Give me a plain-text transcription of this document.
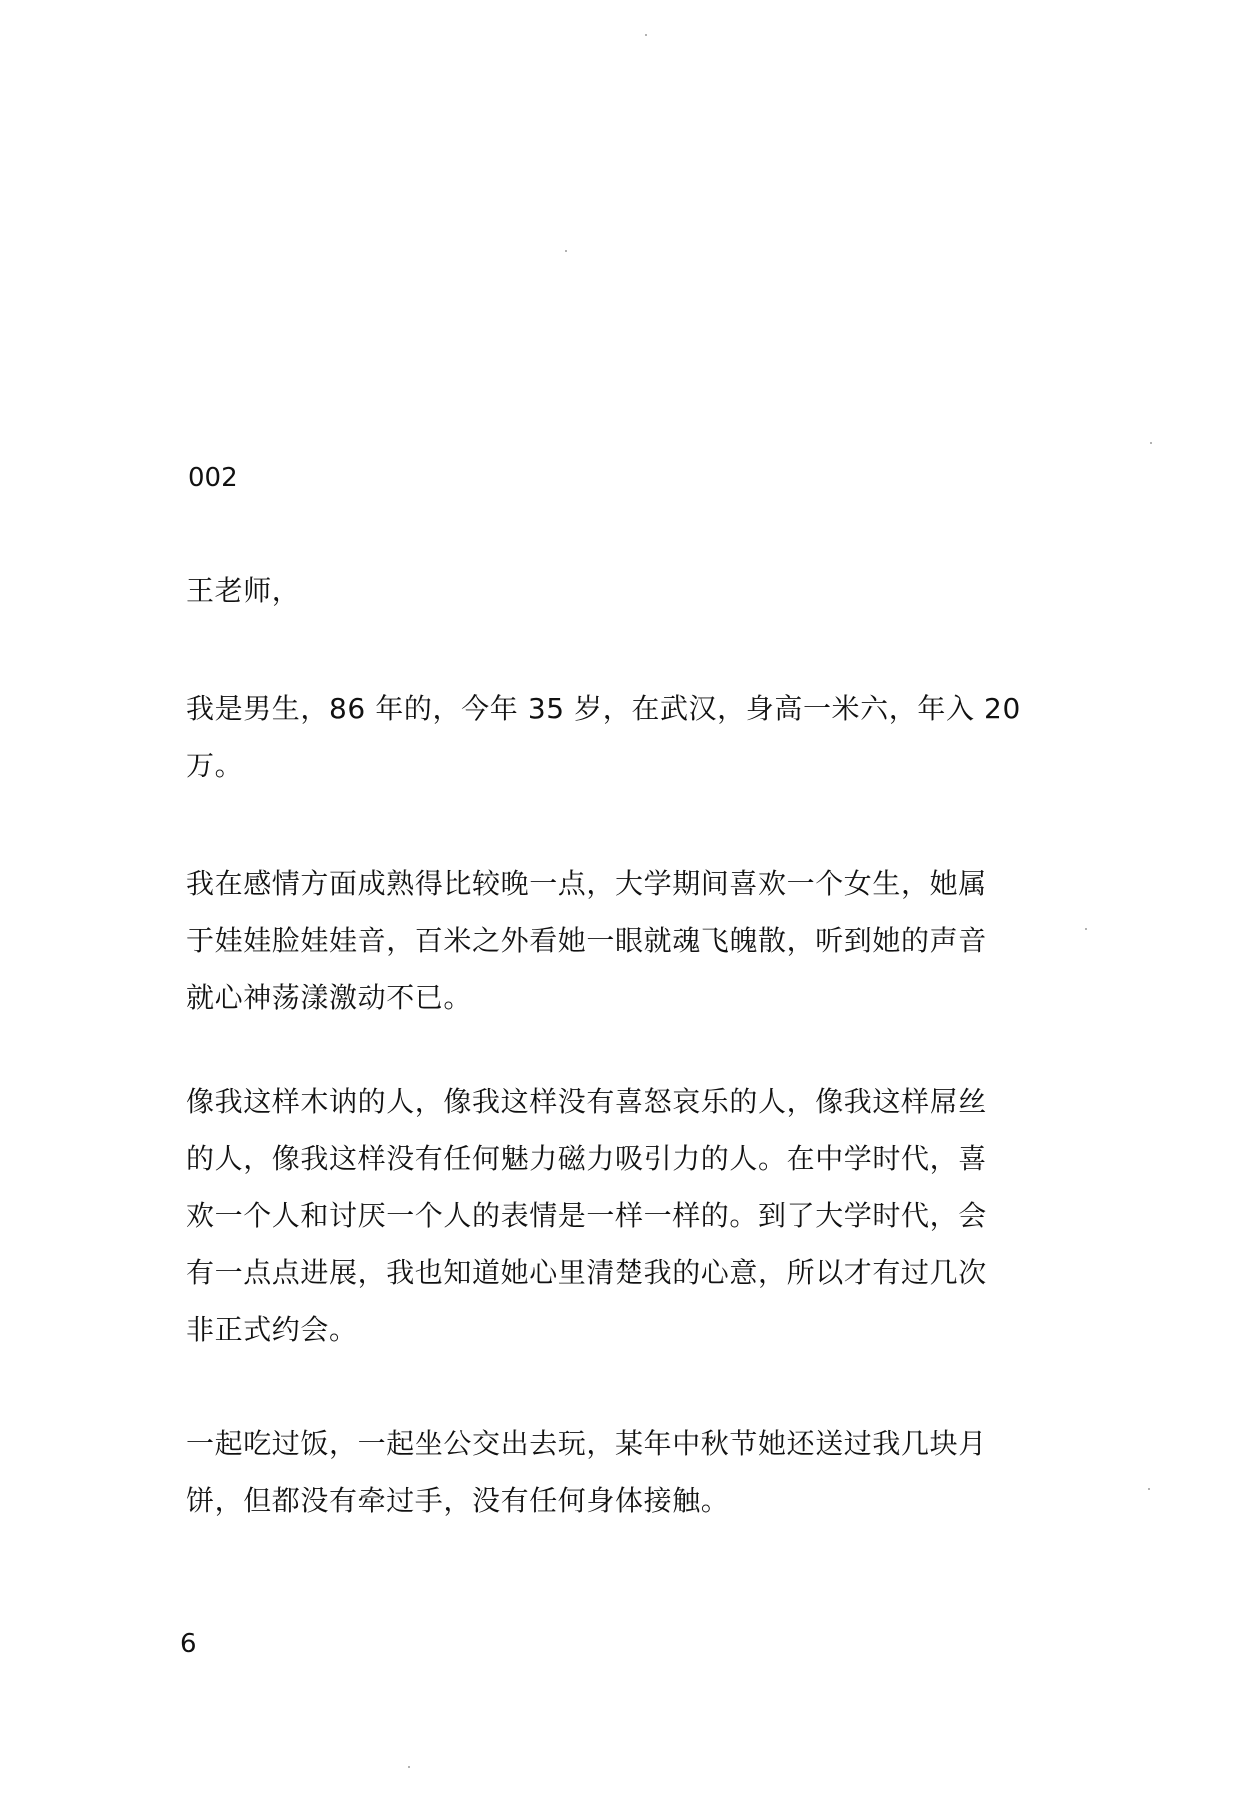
002

王老师，

我是男生，86 年的，今年 35 岁，在武汉，身高一米六，年入 20
万。

我在感情方面成熟得比较晚一点，大学期间喜欢一个女生，她属
于娃娃脸娃娃音，百米之外看她一眼就魂飞魄散，听到她的声音
就心神荡漾激动不已。

像我这样木讷的人，像我这样没有喜怒哀乐的人，像我这样屌丝
的人，像我这样没有任何魅力磁力吸引力的人。在中学时代，喜
欢一个人和讨厌一个人的表情是一样一样的。到了大学时代，会
有一点点进展，我也知道她心里清楚我的心意，所以才有过几次
非正式约会。

一起吃过饭，一起坐公交出去玩，某年中秋节她还送过我几块月
饼，但都没有牵过手，没有任何身体接触。

6
